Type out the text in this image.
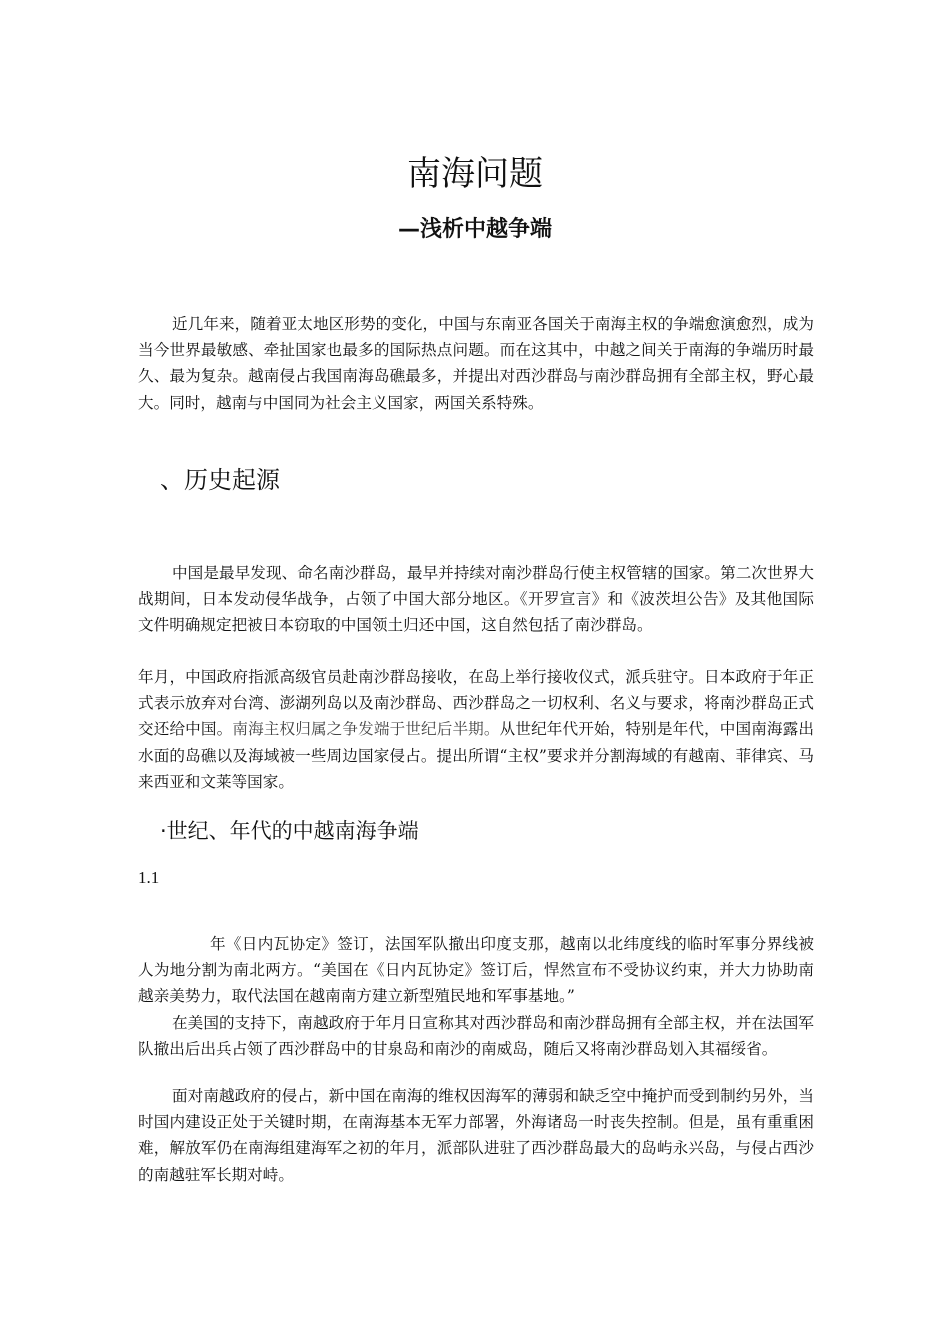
南海问题
—浅析中越争端

近几年来，随着亚太地区形势的变化，中国与东南亚各国关于南海主权的争端愈演愈烈，成为当今世界最敏感、牵扯国家也最多的国际热点问题。而在这其中，中越之间关于南海的争端历时最久、最为复杂。越南侵占我国南海岛礁最多，并提出对西沙群岛与南沙群岛拥有全部主权，野心最大。同时，越南与中国同为社会主义国家，两国关系特殊。

、历史起源

中国是最早发现、命名南沙群岛，最早并持续对南沙群岛行使主权管辖的国家。第二次世界大战期间，日本发动侵华战争，占领了中国大部分地区。《开罗宣言》和《波茨坦公告》及其他国际文件明确规定把被日本窃取的中国领土归还中国，这自然包括了南沙群岛。

年月，中国政府指派高级官员赴南沙群岛接收，在岛上举行接收仪式，派兵驻守。日本政府于年正式表示放弃对台湾、澎湖列岛以及南沙群岛、西沙群岛之一切权利、名义与要求，将南沙群岛正式交还给中国。南海主权归属之争发端于世纪后半期。从世纪年代开始，特别是年代，中国南海露出水面的岛礁以及海域被一些周边国家侵占。提出所谓“主权”要求并分割海域的有越南、菲律宾、马来西亚和文莱等国家。

·世纪、年代的中越南海争端
1.1

年《日内瓦协定》签订，法国军队撤出印度支那，越南以北纬度线的临时军事分界线被人为地分割为南北两方。“美国在《日内瓦协定》签订后，悍然宣布不受协议约束，并大力协助南越亲美势力，取代法国在越南南方建立新型殖民地和军事基地。”

在美国的支持下，南越政府于年月日宣称其对西沙群岛和南沙群岛拥有全部主权，并在法国军队撤出后出兵占领了西沙群岛中的甘泉岛和南沙的南威岛，随后又将南沙群岛划入其福绥省。

面对南越政府的侵占，新中国在南海的维权因海军的薄弱和缺乏空中掩护而受到制约另外，当时国内建设正处于关键时期，在南海基本无军力部署，外海诸岛一时丧失控制。但是，虽有重重困难，解放军仍在南海组建海军之初的年月，派部队进驻了西沙群岛最大的岛屿永兴岛，与侵占西沙的南越驻军长期对峙。
